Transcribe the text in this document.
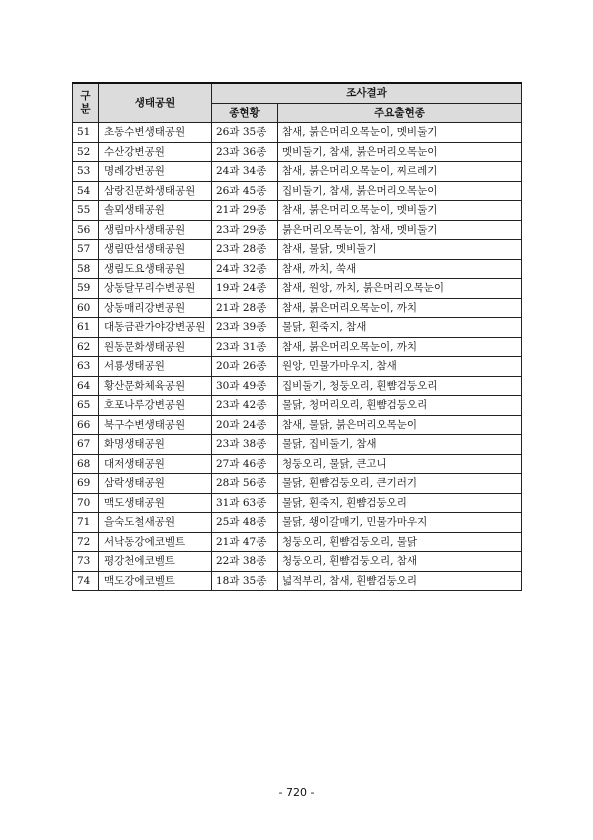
구
분	생태공원	조사결과	
		종현황	주요출현종
51	초동수변생태공원	26과 35종	참새, 붉은머리오목눈이, 멧비둘기
52	수산강변공원	23과 36종	멧비둘기, 참새, 붉은머리오목눈이
53	명례강변공원	24과 34종	참새, 붉은머리오목눈이, 찌르레기
54	삼랑진문화생태공원	26과 45종	집비둘기, 참새, 붉은머리오목눈이
55	솔뫼생태공원	21과 29종	참새, 붉은머리오목눈이, 멧비둘기
56	생림마사생태공원	23과 29종	붉은머리오목눈이, 참새, 멧비둘기
57	생림딴섬생태공원	23과 28종	참새, 물닭, 멧비둘기
58	생림도요생태공원	24과 32종	참새, 까치, 쑥새
59	상동달무리수변공원	19과 24종	참새, 원앙, 까치, 붉은머리오목눈이
60	상동매리강변공원	21과 28종	참새, 붉은머리오목눈이, 까치
61	대동금관가야강변공원	23과 39종	물닭, 흰죽지, 참새
62	원동문화생태공원	23과 31종	참새, 붉은머리오목눈이, 까치
63	서룡생태공원	20과 26종	원앙, 민물가마우지, 참새
64	황산문화체육공원	30과 49종	집비둘기, 청둥오리, 흰뺨검둥오리
65	호포나루강변공원	23과 42종	물닭, 청머리오리, 흰뺨검둥오리
66	북구수변생태공원	20과 24종	참새, 물닭, 붉은머리오목눈이
67	화명생태공원	23과 38종	물닭, 집비둘기, 참새
68	대저생태공원	27과 46종	청둥오리, 물닭, 큰고니
69	삼락생태공원	28과 56종	물닭, 흰뺨검둥오리, 큰기러기
70	맥도생태공원	31과 63종	물닭, 흰죽지, 흰뺨검둥오리
71	을숙도철새공원	25과 48종	물닭, 쇙이갈매기, 민물가마우지
72	서낙동강에코벨트	21과 47종	청둥오리, 흰뺨검둥오리, 물닭
73	평강천에코벨트	22과 38종	청둥오리, 흰뺨검둥오리, 참새
74	맥도강에코벨트	18과 35종	넓적부리, 참새, 흰뺨검둥오리
- 720 -
